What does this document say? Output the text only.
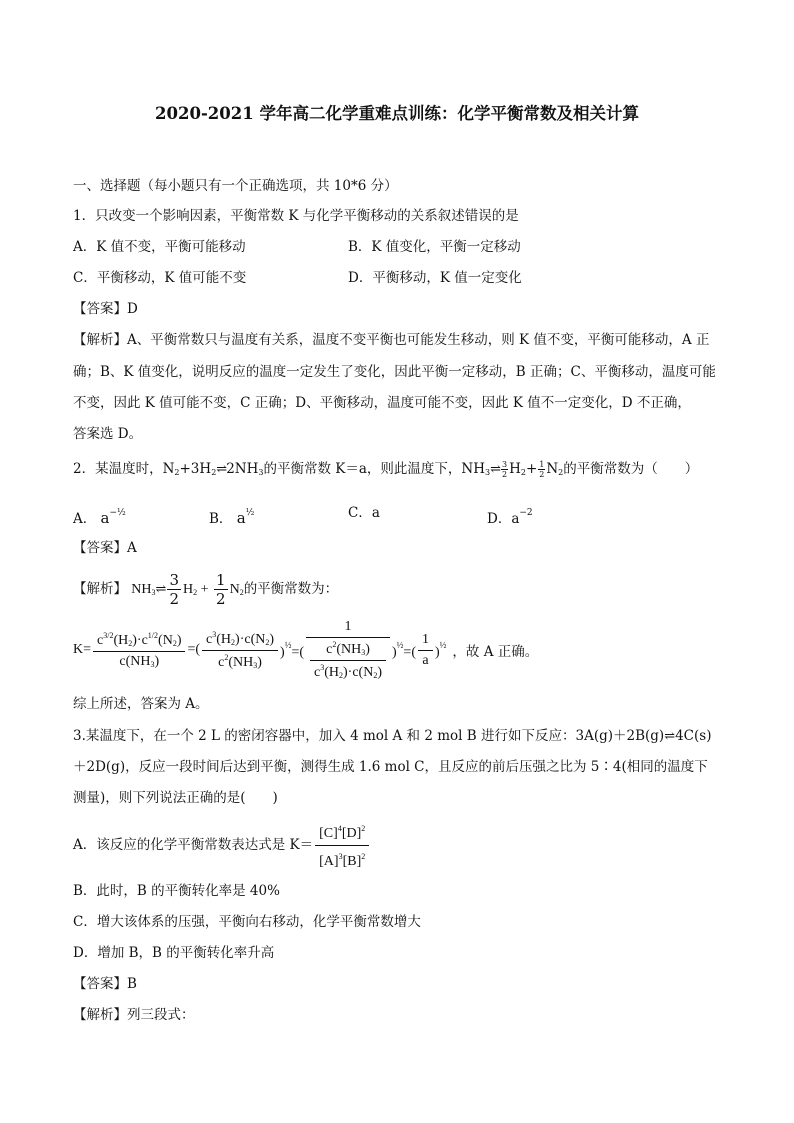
2020-2021 学年高二化学重难点训练：化学平衡常数及相关计算
一、选择题（每小题只有一个正确选项，共 10*6 分）
1．只改变一个影响因素，平衡常数 K 与化学平衡移动的关系叙述错误的是
A．K 值不变，平衡可能移动	B．K 值变化，平衡一定移动
C．平衡移动，K 值可能不变	D．平衡移动，K 值一定变化
【答案】D
【解析】A、平衡常数只与温度有关系，温度不变平衡也可能发生移动，则 K 值不变，平衡可能移动，A 正
确；B、K 值变化，说明反应的温度一定发生了变化，因此平衡一定移动，B 正确；C、平衡移动，温度可能
不变，因此 K 值可能不变，C 正确；D、平衡移动，温度可能不变，因此 K 值不一定变化，D 不正确，
答案选 D。
2．某温度时，$N_2+3H_2\rightleftharpoons 2NH_3$的平衡常数 K＝a，则此温度下，$NH_3\rightleftharpoons \frac{3}{2} H_2+ \frac{1}{2} N_2$的平衡常数为（　　）
A． $a^{-\frac{1}{2}}$	B． $a^{\frac{1}{2}}$	C．a	D．$a^{-2}$
【答案】A
【解析】 $NH_3\rightleftharpoons \frac{3}{2} H_2 + \frac{1}{2} N_2$的平衡常数为：
$K= \frac{c^{3/2}(H_2)\cdot c^{1/2}(N_2)}{c(NH_3)}$ =( $\frac{c^3(H_2)\cdot c(N_2)}{c^2(NH_3)} )^{\frac{1}{2}}=( \frac{1}{\frac{c^2(NH_3)}{c^3(H_2)\cdot c(N_2)}} )^{\frac{1}{2}}=( \frac{1}{a} )^{\frac{1}{2}}$ ，故 A 正确。
综上所述，答案为 A。
3.某温度下，在一个 2 L 的密闭容器中，加入 4 mol A 和 2 mol B 进行如下反应：3A(g)＋2B(g)⇌4C(s)
＋2D(g)，反应一段时间后达到平衡，测得生成 1.6 mol C，且反应的前后压强之比为 5∶4(相同的温度下
测量)，则下列说法正确的是(　　)
A．该反应的化学平衡常数表达式是 $K= \frac{[C]^4[D]^2}{[A]^3[B]^2}$
B．此时，B 的平衡转化率是 40%
C．增大该体系的压强，平衡向右移动，化学平衡常数增大
D．增加 B，B 的平衡转化率升高
【答案】B
【解析】列三段式：
